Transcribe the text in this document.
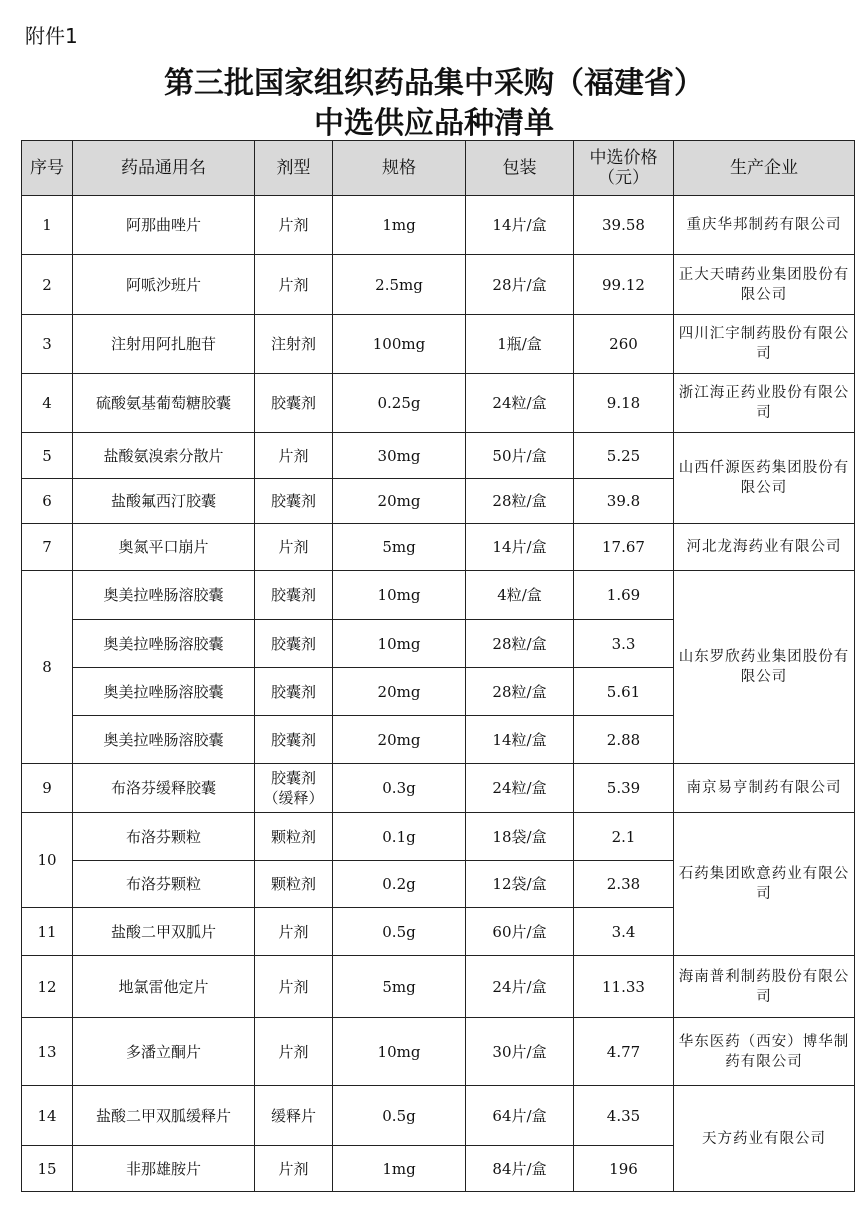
附件1
第三批国家组织药品集中采购（福建省）
中选供应品种清单
序号	药品通用名	剂型	规格	包装	中选价格（元）	生产企业
1	阿那曲唑片	片剂	1mg	14片/盒	39.58	重庆华邦制药有限公司
2	阿哌沙班片	片剂	2.5mg	28片/盒	99.12	正大天晴药业集团股份有限公司
3	注射用阿扎胞苷	注射剂	100mg	1瓶/盒	260	四川汇宇制药股份有限公司
4	硫酸氨基葡萄糖胶囊	胶囊剂	0.25g	24粒/盒	9.18	浙江海正药业股份有限公司
5	盐酸氨溴索分散片	片剂	30mg	50片/盒	5.25	山西仟源医药集团股份有限公司
6	盐酸氟西汀胶囊	胶囊剂	20mg	28粒/盒	39.8	
7	奥氮平口崩片	片剂	5mg	14片/盒	17.67	河北龙海药业有限公司
8	奥美拉唑肠溶胶囊	胶囊剂	10mg	4粒/盒	1.69	山东罗欣药业集团股份有限公司
	奥美拉唑肠溶胶囊	胶囊剂	10mg	28粒/盒	3.3	
	奥美拉唑肠溶胶囊	胶囊剂	20mg	28粒/盒	5.61	
	奥美拉唑肠溶胶囊	胶囊剂	20mg	14粒/盒	2.88	
9	布洛芬缓释胶囊	胶囊剂（缓释）	0.3g	24粒/盒	5.39	南京易亨制药有限公司
10	布洛芬颗粒	颗粒剂	0.1g	18袋/盒	2.1	石药集团欧意药业有限公司
	布洛芬颗粒	颗粒剂	0.2g	12袋/盒	2.38	
11	盐酸二甲双胍片	片剂	0.5g	60片/盒	3.4	
12	地氯雷他定片	片剂	5mg	24片/盒	11.33	海南普利制药股份有限公司
13	多潘立酮片	片剂	10mg	30片/盒	4.77	华东医药（西安）博华制药有限公司
14	盐酸二甲双胍缓释片	缓释片	0.5g	64片/盒	4.35	天方药业有限公司
15	非那雄胺片	片剂	1mg	84片/盒	196	
